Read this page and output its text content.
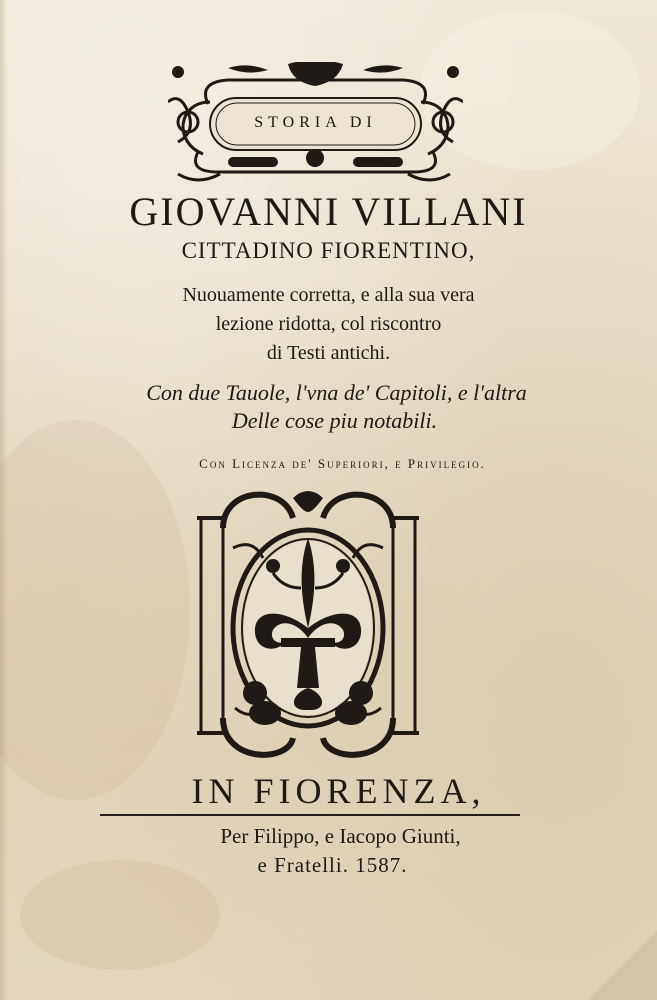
STORIA DI
GIOVANNI VILLANI
CITTADINO FIORENTINO,
Nuouamente corretta, e alla sua vera
lezione ridotta, col riscontro
di Testi antichi.
Con due Tauole, l'vna de' Capitoli, e l'altra
Delle cose piu notabili.
Con Licenza de' Superiori, e Privilegio.
IN FIORENZA,
Per Filippo, e Iacopo Giunti,
e Fratelli. 1587.
